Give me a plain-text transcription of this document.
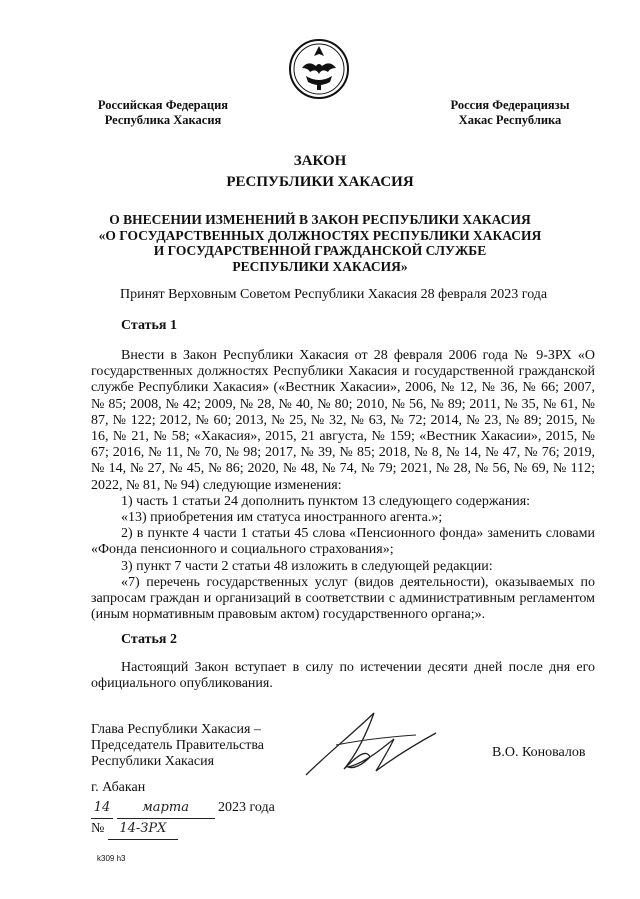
Российская Федерация
Республика Хакасия
Россия Федерациязы
Хакас Республика
ЗАКОН
РЕСПУБЛИКИ ХАКАСИЯ
О ВНЕСЕНИИ ИЗМЕНЕНИЙ В ЗАКОН РЕСПУБЛИКИ ХАКАСИЯ
«О ГОСУДАРСТВЕННЫХ ДОЛЖНОСТЯХ РЕСПУБЛИКИ ХАКАСИЯ
И ГОСУДАРСТВЕННОЙ ГРАЖДАНСКОЙ СЛУЖБЕ
РЕСПУБЛИКИ ХАКАСИЯ»
Принят Верховным Советом Республики Хакасия 28 февраля 2023 года
Статья 1

Внести в Закон Республики Хакасия от 28 февраля 2006 года № 9-ЗРХ «О государственных должностях Республики Хакасия и государственной гражданской службе Республики Хакасия» («Вестник Хакасии», 2006, № 12, № 36, № 66; 2007, № 85; 2008, № 42; 2009, № 28, № 40, № 80; 2010, № 56, № 89; 2011, № 35, № 61, № 87, № 122; 2012, № 60; 2013, № 25, № 32, № 63, № 72; 2014, № 23, № 89; 2015, № 16, № 21, № 58; «Хакасия», 2015, 21 августа, № 159; «Вестник Хакасии», 2015, № 67; 2016, № 11, № 70, № 98; 2017, № 39, № 85; 2018, № 8, № 14, № 47, № 76; 2019, № 14, № 27, № 45, № 86; 2020, № 48, № 74, № 79; 2021, № 28, № 56, № 69, № 112; 2022, № 81, № 94) следующие изменения:

1) часть 1 статьи 24 дополнить пунктом 13 следующего содержания:

«13) приобретения им статуса иностранного агента.»;

2) в пункте 4 части 1 статьи 45 слова «Пенсионного фонда» заменить словами «Фонда пенсионного и социального страхования»;

3) пункт 7 части 2 статьи 48 изложить в следующей редакции:

«7) перечень государственных услуг (видов деятельности), оказываемых по запросам граждан и организаций в соответствии с административным регламентом (иным нормативным правовым актом) государственного органа;».

Статья 2

Настоящий Закон вступает в силу по истечении десяти дней после дня его официального опубликования.

Глава Республики Хакасия –
Председатель Правительства
Республики Хакасия
В.О. Коновалов
г. Абакан
14 марта 2023 года
№ 14-ЗРХ
k309 h3
